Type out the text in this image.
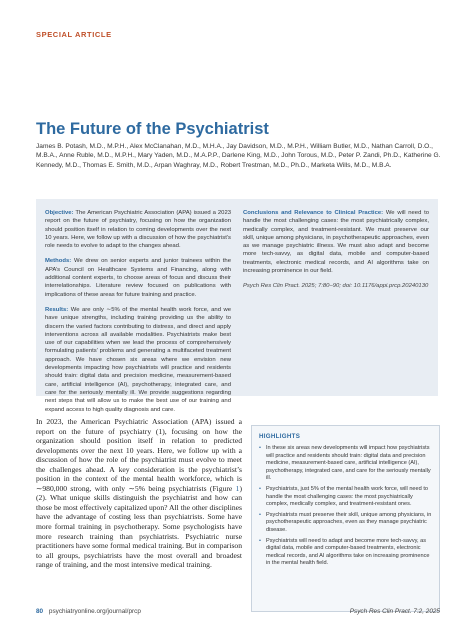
SPECIAL ARTICLE
The Future of the Psychiatrist
James B. Potash, M.D., M.P.H., Alex McClanahan, M.D., M.H.A., Jay Davidson, M.D., M.P.H., William Butler, M.D., Nathan Carroll, D.O., M.B.A., Anne Ruble, M.D., M.P.H., Mary Yaden, M.D., M.A.P.P., Darlene King, M.D., John Torous, M.D., Peter P. Zandi, Ph.D., Katherine G. Kennedy, M.D., Thomas E. Smith, M.D., Arpan Waghray, M.D., Robert Trestman, M.D., Ph.D., Marketa Wills, M.D., M.B.A.

Objective: The American Psychiatric Association (APA) issued a 2023 report on the future of psychiatry, focusing on how the organization should position itself in relation to coming developments over the next 10 years. Here, we follow up with a discussion of how the psychiatrist’s role needs to evolve to adapt to the changes ahead.

Methods: We drew on senior experts and junior trainees within the APA’s Council on Healthcare Systems and Financing, along with additional content experts, to choose areas of focus and discuss their interrelationships. Literature review focused on publications with implications of these areas for future training and practice.

Results: We are only ∼5% of the mental health work force, and we have unique strengths, including training providing us the ability to discern the varied factors contributing to distress, and direct and apply interventions across all available modalities. Psychiatrists make best use of our capabilities when we lead the process of comprehensively formulating patients’ problems and generating a multifaceted treatment approach. We have chosen six areas where we envision new developments impacting how psychiatrists will practice and residents should train: digital data and precision medicine, measurement-based care, artificial intelligence (AI), psychotherapy, integrated care, and care for the seriously mentally ill. We provide suggestions regarding next steps that will allow us to make the best use of our training and expand access to high quality diagnosis and care.

Conclusions and Relevance to Clinical Practice: We will need to handle the most challenging cases: the most psychiatrically complex, medically complex, and treatment-resistant. We must preserve our skill, unique among physicians, in psychotherapeutic approaches, even as we manage psychiatric illness. We must also adapt and become more tech-savvy, as digital data, mobile and computer-based treatments, electronic medical records, and AI algorithms take on increasing prominence in our field.

Psych Res Clin Pract. 2025; 7:80–90; doi: 10.1176/appi.prcp.20240130

In 2023, the American Psychiatric Association (APA) issued a report on the future of psychiatry (1), focusing on how the organization should position itself in relation to predicted developments over the next 10 years. Here, we follow up with a discussion of how the role of the psychiatrist must evolve to meet the challenges ahead. A key consideration is the psychiatrist’s position in the context of the mental health workforce, which is ∼980,000 strong, with only ∼5% being psychiatrists (Figure 1) (2). What unique skills distinguish the psychiatrist and how can those be most effectively capitalized upon? All the other disciplines have the advantage of costing less than psychiatrists. Some have more formal training in psychotherapy. Some psychologists have more research training than psychiatrists. Psychiatric nurse practitioners have some formal medical training. But in comparison to all groups, psychiatrists have the most overall and broadest range of training, and the most intensive medical training.
HIGHLIGHTS
• In these six areas new developments will impact how psychiatrists will practice and residents should train: digital data and precision medicine, measurement-based care, artificial intelligence (AI), psychotherapy, integrated care, and care for the seriously mentally ill.
• Psychiatrists, just 5% of the mental health work force, will need to handle the most challenging cases: the most psychiatrically complex, medically complex, and treatment-resistant ones.
• Psychiatrists must preserve their skill, unique among physicians, in psychotherapeutic approaches, even as they manage psychiatric disease.
• Psychiatrists will need to adapt and become more tech-savvy, as digital data, mobile and computer-based treatments, electronic medical records, and AI algorithms take on increasing prominence in the mental health field.
80 psychiatryonline.org/journal/prcp	Psych Res Clin Pract. 7:2, 2025
